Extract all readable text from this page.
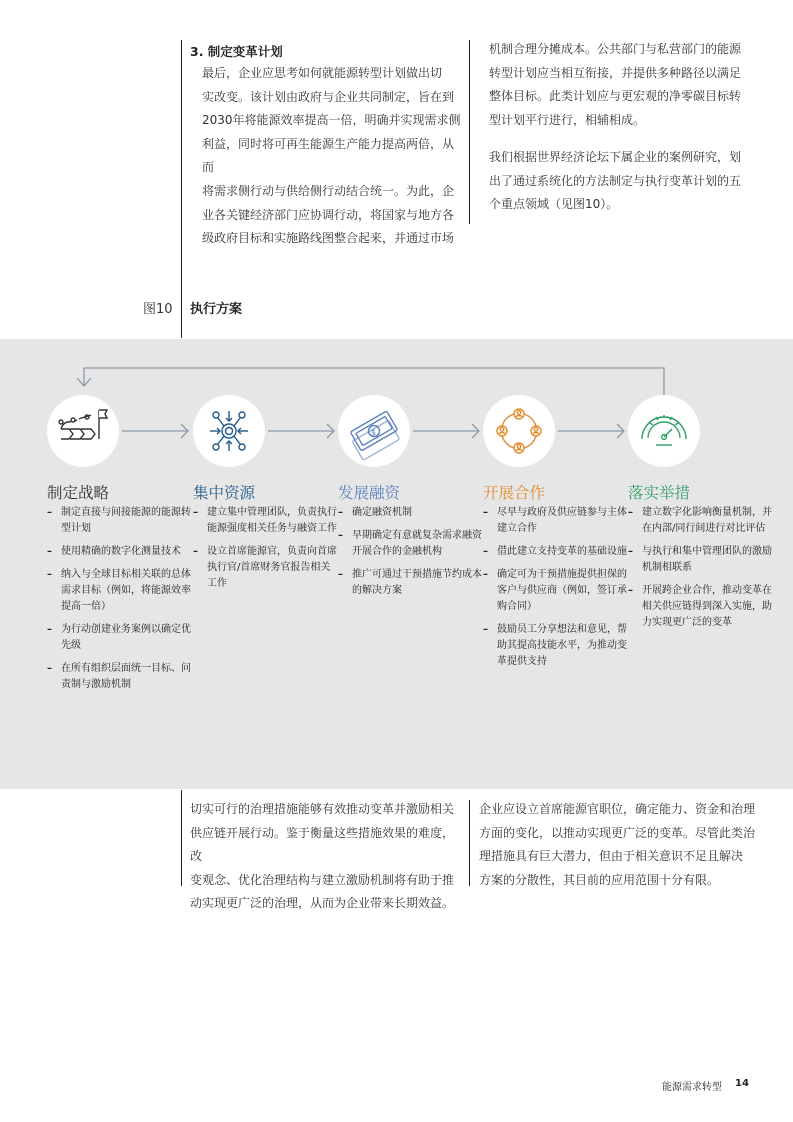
3. 制定变革计划
最后，企业应思考如何就能源转型计划做出切
实改变。该计划由政府与企业共同制定，旨在到
2030年将能源效率提高一倍，明确并实现需求侧
利益，同时将可再生能源生产能力提高两倍，从而
将需求侧行动与供给侧行动结合统一。为此，企
业各关键经济部门应协调行动，将国家与地方各
级政府目标和实施路线图整合起来，并通过市场
机制合理分摊成本。公共部门与私营部门的能源
转型计划应当相互衔接，并提供多种路径以满足
整体目标。此类计划应与更宏观的净零碳目标转
型计划平行进行，相辅相成。
我们根据世界经济论坛下属企业的案例研究，划
出了通过系统化的方法制定与执行变革计划的五
个重点领域（见图10）。
图10 执行方案
制定战略
– 制定直接与间接能源的能源转型计划
– 使用精确的数字化测量技术
– 纳入与全球目标相关联的总体需求目标（例如，将能源效率提高一倍）
– 为行动创建业务案例以确定优先级
– 在所有组织层面统一目标、问责制与激励机制
集中资源
– 建立集中管理团队，负责执行能源强度相关任务与融资工作
– 设立首席能源官，负责向首席执行官/首席财务官报告相关工作
$
发展融资
– 确定融资机制
– 早期确定有意就复杂需求融资开展合作的金融机构
– 推广可通过干预措施节约成本的解决方案
开展合作
– 尽早与政府及供应链参与主体建立合作
– 借此建立支持变革的基础设施
– 确定可为干预措施提供担保的客户与供应商（例如，签订承购合同）
– 鼓励员工分享想法和意见，帮助其提高技能水平，为推动变革提供支持
落实举措
– 建立数字化影响衡量机制，并在内部/同行间进行对比评估
– 与执行和集中管理团队的激励机制相联系
– 开展跨企业合作，推动变革在相关供应链得到深入实施，助力实现更广泛的变革
切实可行的治理措施能够有效推动变革并激励相关
供应链开展行动。鉴于衡量这些措施效果的难度，改
变观念、优化治理结构与建立激励机制将有助于推
动实现更广泛的治理，从而为企业带来长期效益。
企业应设立首席能源官职位，确定能力、资金和治理
方面的变化，以推动实现更广泛的变革。尽管此类治
理措施具有巨大潜力，但由于相关意识不足且解决
方案的分散性，其目前的应用范围十分有限。
能源需求转型 14
